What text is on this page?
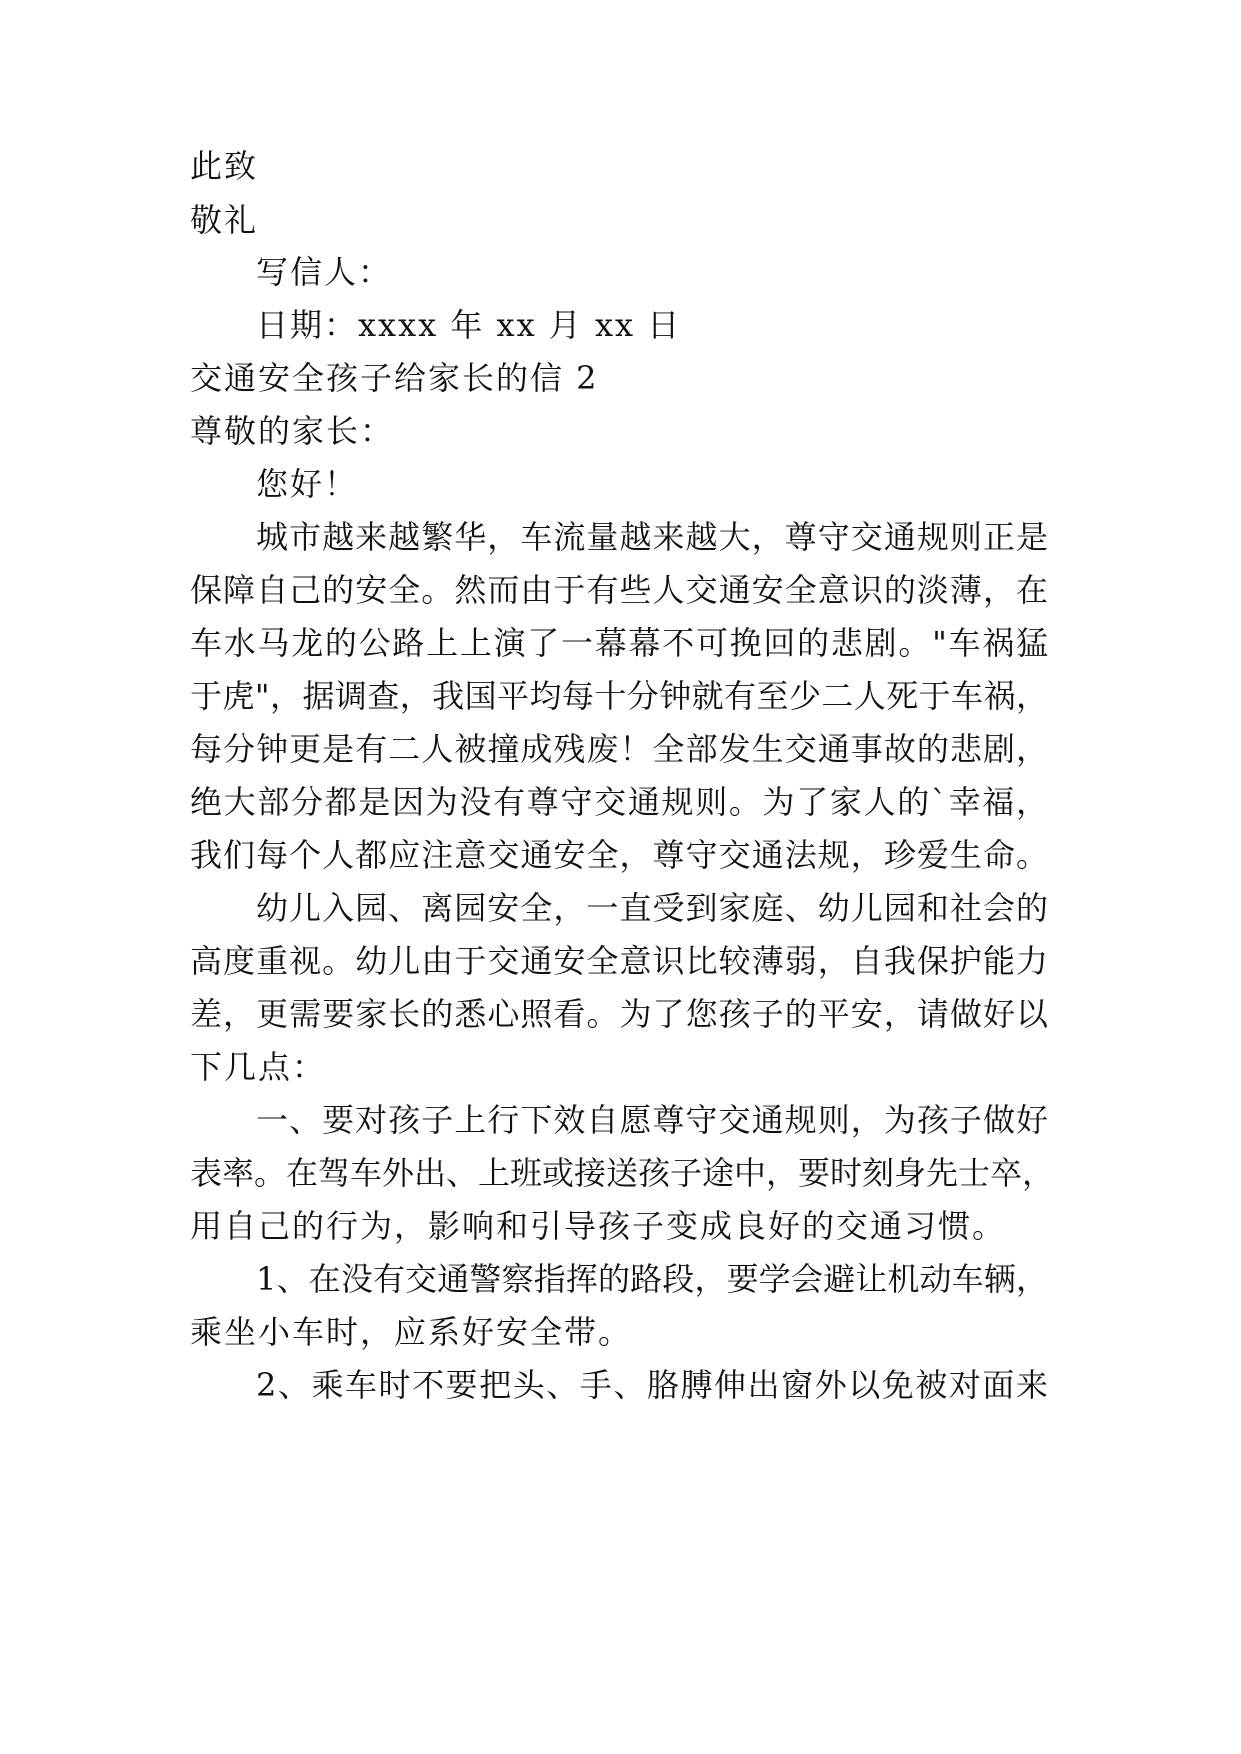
此致
敬礼
写信人：
日期：xxxx 年 xx 月 xx 日
交通安全孩子给家长的信 2
尊敬的家长：
您好！
城市越来越繁华，车流量越来越大，尊守交通规则正是
保障自己的安全。然而由于有些人交通安全意识的淡薄，在
车水马龙的公路上上演了一幕幕不可挽回的悲剧。"车祸猛
于虎"，据调查，我国平均每十分钟就有至少二人死于车祸，
每分钟更是有二人被撞成残废！全部发生交通事故的悲剧，
绝大部分都是因为没有尊守交通规则。为了家人的`幸福，
我们每个人都应注意交通安全，尊守交通法规，珍爱生命。
幼儿入园、离园安全，一直受到家庭、幼儿园和社会的
高度重视。幼儿由于交通安全意识比较薄弱，自我保护能力
差，更需要家长的悉心照看。为了您孩子的平安，请做好以
下几点：
一、要对孩子上行下效自愿尊守交通规则，为孩子做好
表率。在驾车外出、上班或接送孩子途中，要时刻身先士卒，
用自己的行为，影响和引导孩子变成良好的交通习惯。
1、在没有交通警察指挥的路段，要学会避让机动车辆，
乘坐小车时，应系好安全带。
2、乘车时不要把头、手、胳膊伸出窗外以免被对面来
